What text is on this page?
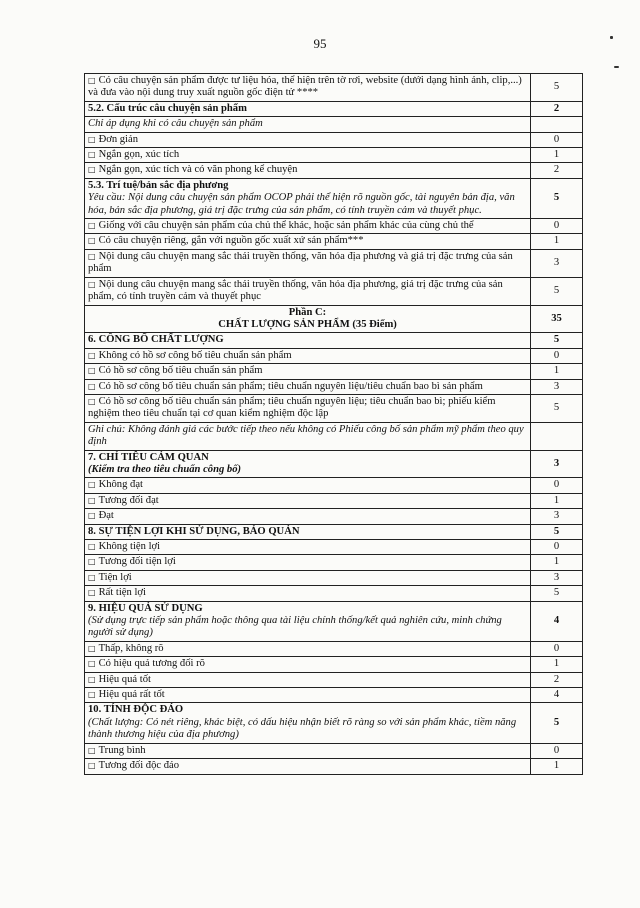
95
□ Có câu chuyện sản phẩm được tư liệu hóa, thể hiện trên tờ rơi, website (dưới dạng hình ảnh, clip,...) và đưa vào nội dung truy xuất nguồn gốc điện tử ****	5
5.2. Cấu trúc câu chuyện sản phẩm	2
Chỉ áp dụng khi có câu chuyện sản phẩm	
□ Đơn giản	0
□ Ngắn gọn, xúc tích	1
□ Ngắn gọn, xúc tích và có văn phong kể chuyện	2

5.3. Trí tuệ/bản sắc địa phương
Yêu cầu: Nội dung câu chuyện sản phẩm OCOP phải thể hiện rõ nguồn gốc, tài nguyên bản địa, văn hóa, bản sắc địa phương, giá trị đặc trưng của sản phẩm, có tính truyền cảm và thuyết phục.	5
□ Giống với câu chuyện sản phẩm của chủ thể khác, hoặc sản phẩm khác của cùng chủ thể	0
□ Có câu chuyện riêng, gắn với nguồn gốc xuất xứ sản phẩm***	1
□ Nội dung câu chuyện mang sắc thái truyền thống, văn hóa địa phương và giá trị đặc trưng của sản phẩm	3
□ Nội dung câu chuyện mang sắc thái truyền thống, văn hóa địa phương, giá trị đặc trưng của sản phẩm, có tính truyền cảm và thuyết phục	5

Phần C:
CHẤT LƯỢNG SẢN PHẨM (35 Điểm)	35
6. CÔNG BỐ CHẤT LƯỢNG	5
□ Không có hồ sơ công bố tiêu chuẩn sản phẩm	0
□ Có hồ sơ công bố tiêu chuẩn sản phẩm	1
□ Có hồ sơ công bố tiêu chuẩn sản phẩm; tiêu chuẩn nguyên liệu/tiêu chuẩn bao bì sản phẩm	3
□ Có hồ sơ công bố tiêu chuẩn sản phẩm; tiêu chuẩn nguyên liệu; tiêu chuẩn bao bì; phiếu kiểm nghiệm theo tiêu chuẩn tại cơ quan kiểm nghiệm độc lập	5
Ghi chú: Không đánh giá các bước tiếp theo nếu không có Phiếu công bố sản phẩm mỹ phẩm theo quy định	

7. CHỈ TIÊU CẢM QUAN
(Kiểm tra theo tiêu chuẩn công bố)	3
□ Không đạt	0
□ Tương đối đạt	1
□ Đạt	3
8. SỰ TIỆN LỢI KHI SỬ DỤNG, BẢO QUẢN	5
□ Không tiện lợi	0
□ Tương đối tiện lợi	1
□ Tiện lợi	3
□ Rất tiện lợi	5

9. HIỆU QUẢ SỬ DỤNG
(Sử dụng trực tiếp sản phẩm hoặc thông qua tài liệu chính thống/kết quả nghiên cứu, minh chứng người sử dụng)	4
□ Thấp, không rõ	0
□ Có hiệu quả tương đối rõ	1
□ Hiệu quả tốt	2
□ Hiệu quả rất tốt	4

10. TÍNH ĐỘC ĐÁO
(Chất lượng: Có nét riêng, khác biệt, có dấu hiệu nhận biết rõ ràng so với sản phẩm khác, tiềm năng thành thương hiệu của địa phương)	5
□ Trung bình	0
□ Tương đối độc đáo	1
